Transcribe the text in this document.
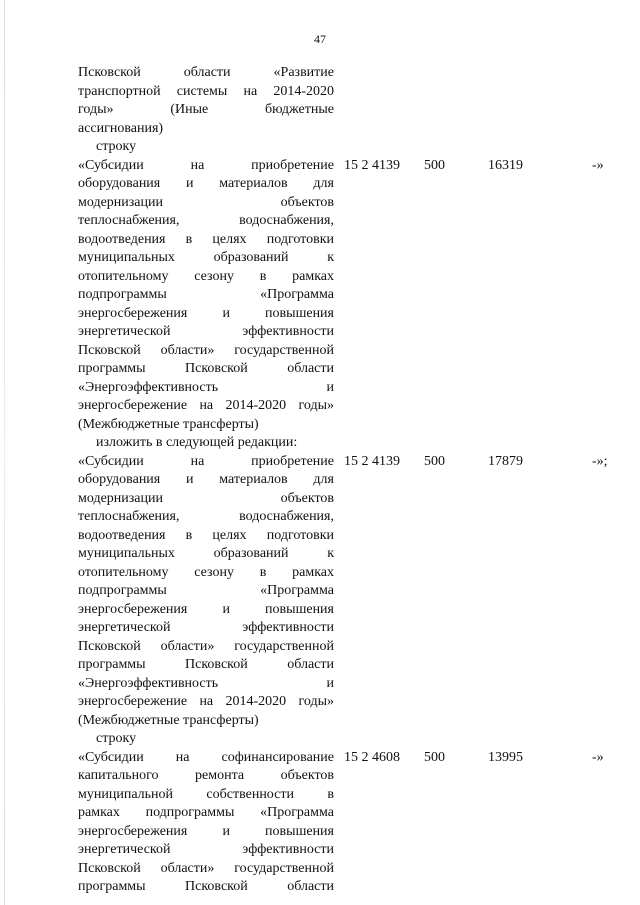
47
Псковской области «Развитие
транспортной системы на 2014-2020
годы» (Иные бюджетные
ассигнования)
строку
«Субсидии на приобретение
оборудования и материалов для
модернизации объектов
теплоснабжения, водоснабжения,
водоотведения в целях подготовки
муниципальных образований к
отопительному сезону в рамках
подпрограммы «Программа
энергосбережения и повышения
энергетической эффективности
Псковской области» государственной
программы Псковской области
«Энергоэффективность и
энергосбережение на 2014-2020 годы»
(Межбюджетные трансферты)
15 2 4139 500	16319	-»
изложить в следующей редакции:
«Субсидии на приобретение
оборудования и материалов для
модернизации объектов
теплоснабжения, водоснабжения,
водоотведения в целях подготовки
муниципальных образований к
отопительному сезону в рамках
подпрограммы «Программа
энергосбережения и повышения
энергетической эффективности
Псковской области» государственной
программы Псковской области
«Энергоэффективность и
энергосбережение на 2014-2020 годы»
(Межбюджетные трансферты)
15 2 4139 500	17879	-»;
строку
«Субсидии на софинансирование
капитального ремонта объектов
муниципальной собственности в
рамках подпрограммы «Программа
энергосбережения и повышения
энергетической эффективности
Псковской области» государственной
программы Псковской области
15 2 4608 500	13995	-»
